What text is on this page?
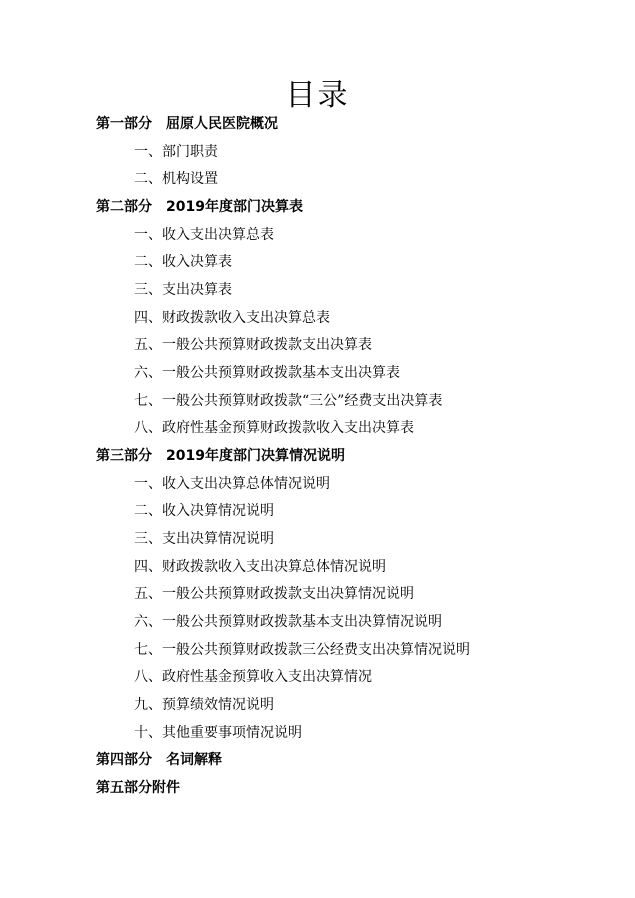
目录
第一部分　屈原人民医院概况
一、部门职责
二、机构设置
第二部分　2019年度部门决算表
一、收入支出决算总表
二、收入决算表
三、支出决算表
四、财政拨款收入支出决算总表
五、一般公共预算财政拨款支出决算表
六、一般公共预算财政拨款基本支出决算表
七、一般公共预算财政拨款“三公”经费支出决算表
八、政府性基金预算财政拨款收入支出决算表
第三部分　2019年度部门决算情况说明
一、收入支出决算总体情况说明
二、收入决算情况说明
三、支出决算情况说明
四、财政拨款收入支出决算总体情况说明
五、一般公共预算财政拨款支出决算情况说明
六、一般公共预算财政拨款基本支出决算情况说明
七、一般公共预算财政拨款三公经费支出决算情况说明
八、政府性基金预算收入支出决算情况
九、预算绩效情况说明
十、其他重要事项情况说明
第四部分　名词解释
第五部分附件
